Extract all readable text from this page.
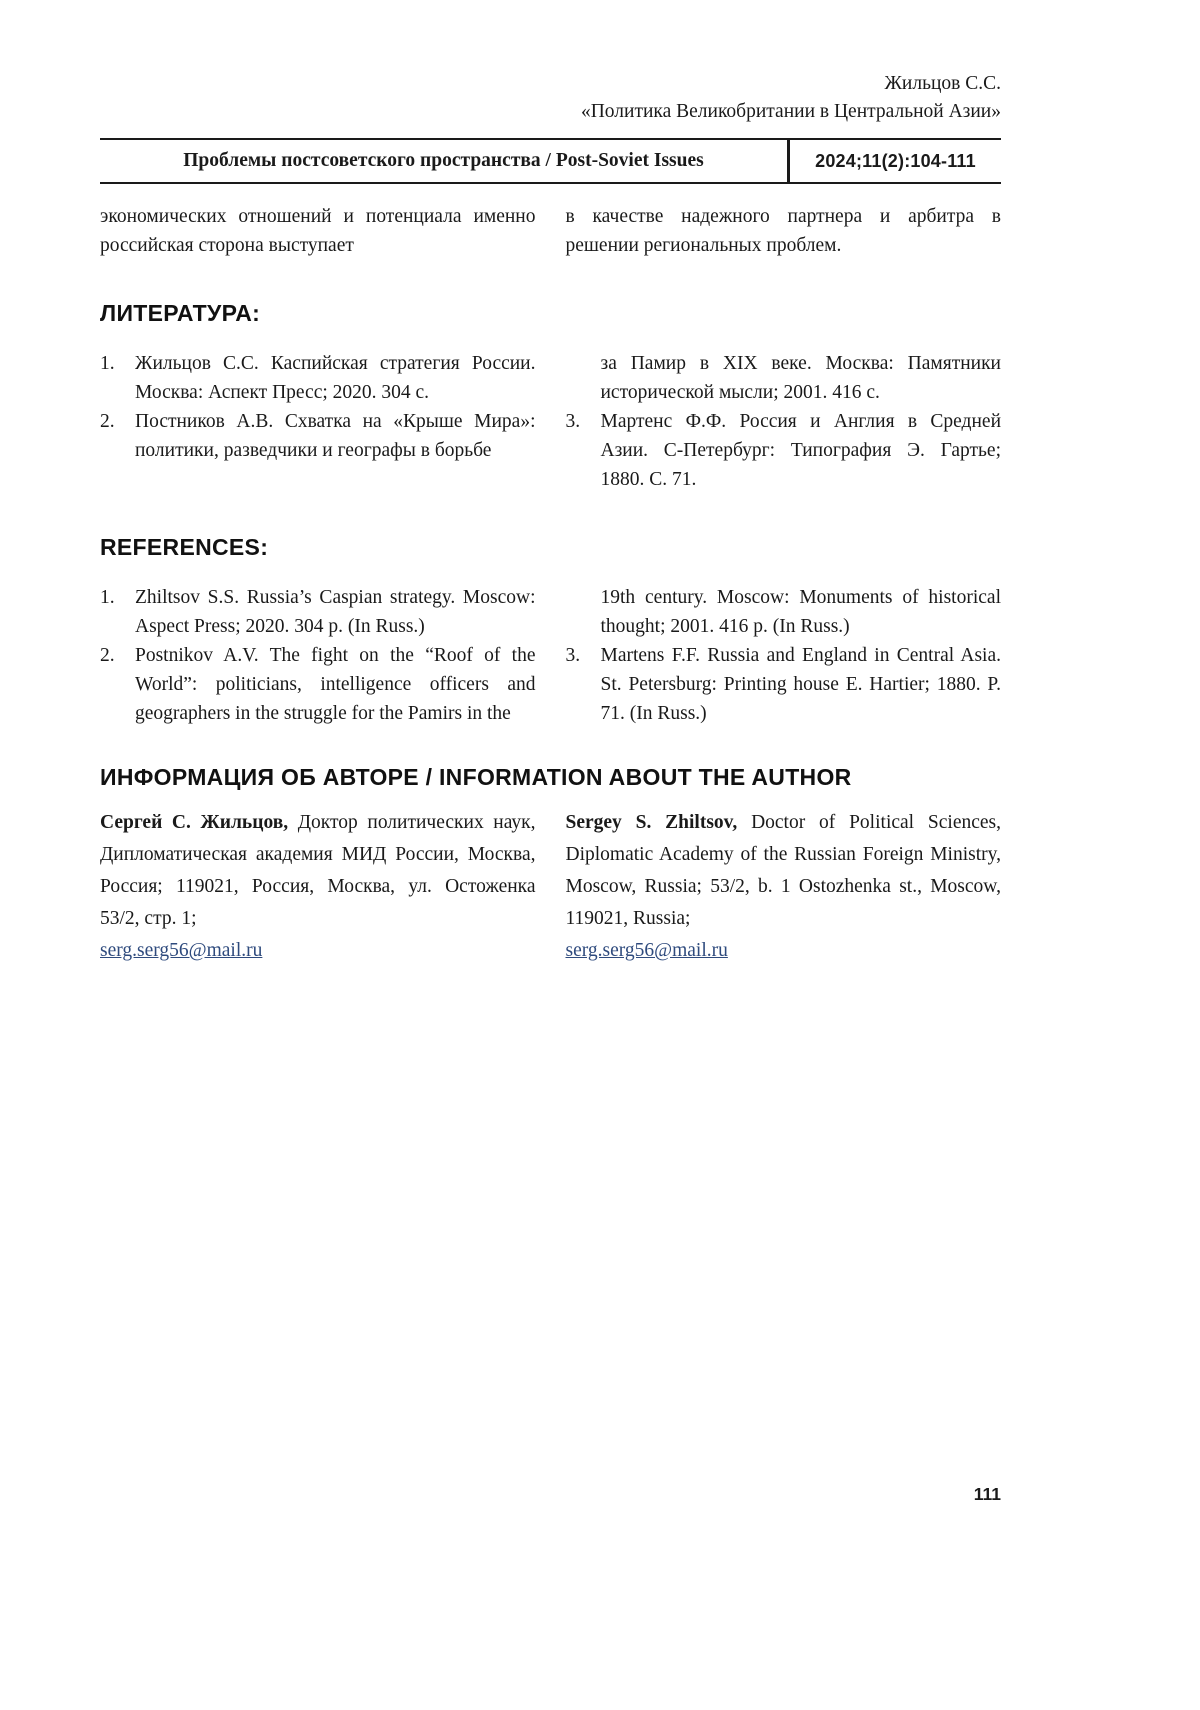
Жильцов С.С.
«Политика Великобритании в Центральной Азии»
Проблемы постсоветского пространства / Post-Soviet Issues	2024;11(2):104-111

экономических отношений и потенциала именно российская сторона выступает

в качестве надежного партнера и арбитра в решении региональных проблем.

ЛИТЕРАТУРА:
1.	Жильцов С.С. Каспийская стратегия России. Москва: Аспект Пресс; 2020. 304 с.
2.	Постников А.В. Схватка на «Крыше Мира»: политики, разведчики и географы в борьбе
за Памир в XIX веке. Москва: Памятники исторической мысли; 2001. 416 с.
3.	Мартенс Ф.Ф. Россия и Англия в Средней Азии. С-Петербург: Типография Э. Гартье; 1880. С. 71.
REFERENCES:
1.	Zhiltsov S.S. Russia’s Caspian strategy. Moscow: Aspect Press; 2020. 304 p. (In Russ.)
2.	Postnikov A.V. The fight on the “Roof of the World”: politicians, intelligence officers and geographers in the struggle for the Pamirs in the
19th century. Moscow: Monuments of historical thought; 2001. 416 p. (In Russ.)
3.	Martens F.F. Russia and England in Central Asia. St. Petersburg: Printing house E. Hartier; 1880. P. 71. (In Russ.)
ИНФОРМАЦИЯ ОБ АВТОРЕ / INFORMATION ABOUT THE AUTHOR

Сергей С. Жильцов, Доктор политических наук, Дипломатическая академия МИД России, Москва, Россия; 119021, Россия, Москва, ул. Остоженка 53/2, стр. 1;

serg.serg56@mail.ru

Sergey S. Zhiltsov, Doctor of Political Sciences, Diplomatic Academy of the Russian Foreign Ministry, Moscow, Russia; 53/2, b. 1 Ostozhenka st., Moscow, 119021, Russia;

serg.serg56@mail.ru
111
